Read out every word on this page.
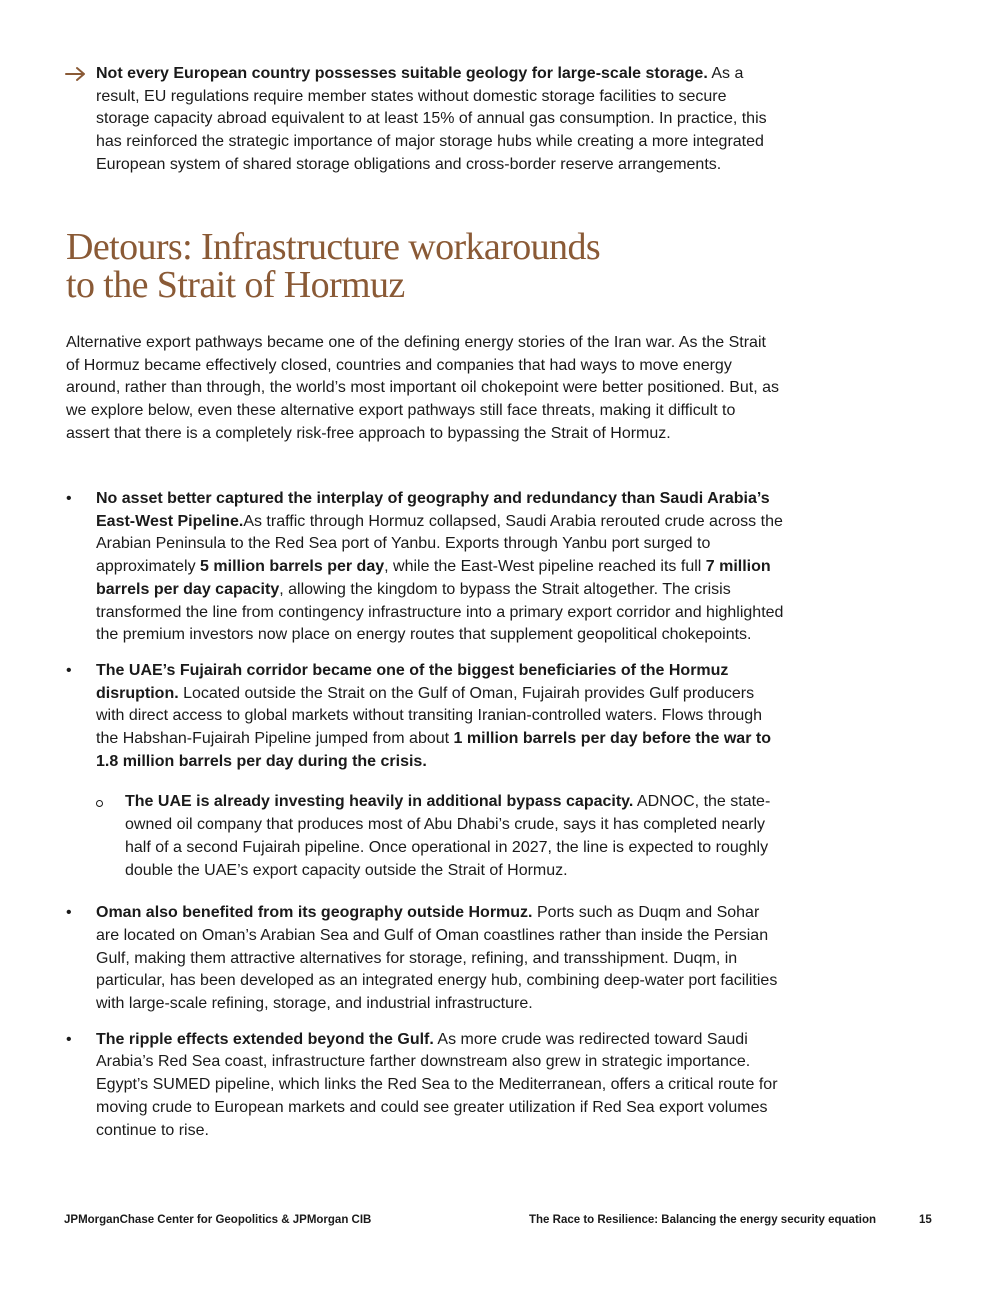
Not every European country possesses suitable geology for large-scale storage. As a result, EU regulations require member states without domestic storage facilities to secure storage capacity abroad equivalent to at least 15% of annual gas consumption. In practice, this has reinforced the strategic importance of major storage hubs while creating a more integrated European system of shared storage obligations and cross-border reserve arrangements.
Detours: Infrastructure workarounds
to the Strait of Hormuz

Alternative export pathways became one of the defining energy stories of the Iran war. As the Strait of Hormuz became effectively closed, countries and companies that had ways to move energy around, rather than through, the world’s most important oil chokepoint were better positioned. But, as we explore below, even these alternative export pathways still face threats, making it difficult to assert that there is a completely risk-free approach to bypassing the Strait of Hormuz.

• No asset better captured the interplay of geography and redundancy than Saudi Arabia’s East-West Pipeline.As traffic through Hormuz collapsed, Saudi Arabia rerouted crude across the Arabian Peninsula to the Red Sea port of Yanbu. Exports through Yanbu port surged to approximately 5 million barrels per day, while the East-West pipeline reached its full 7 million barrels per day capacity, allowing the kingdom to bypass the Strait altogether. The crisis transformed the line from contingency infrastructure into a primary export corridor and highlighted the premium investors now place on energy routes that supplement geopolitical chokepoints.
• The UAE’s Fujairah corridor became one of the biggest beneficiaries of the Hormuz disruption. Located outside the Strait on the Gulf of Oman, Fujairah provides Gulf producers with direct access to global markets without transiting Iranian-controlled waters. Flows through the Habshan-Fujairah Pipeline jumped from about 1 million barrels per day before the war to 1.8 million barrels per day during the crisis.
The UAE is already investing heavily in additional bypass capacity. ADNOC, the state-owned oil company that produces most of Abu Dhabi’s crude, says it has completed nearly half of a second Fujairah pipeline. Once operational in 2027, the line is expected to roughly double the UAE’s export capacity outside the Strait of Hormuz.
• Oman also benefited from its geography outside Hormuz. Ports such as Duqm and Sohar are located on Oman’s Arabian Sea and Gulf of Oman coastlines rather than inside the Persian Gulf, making them attractive alternatives for storage, refining, and transshipment. Duqm, in particular, has been developed as an integrated energy hub, combining deep-water port facilities with large-scale refining, storage, and industrial infrastructure.
• The ripple effects extended beyond the Gulf. As more crude was redirected toward Saudi Arabia’s Red Sea coast, infrastructure farther downstream also grew in strategic importance. Egypt’s SUMED pipeline, which links the Red Sea to the Mediterranean, offers a critical route for moving crude to European markets and could see greater utilization if Red Sea export volumes continue to rise.
JPMorganChase Center for Geopolitics & JPMorgan CIB	The Race to Resilience: Balancing the energy security equation	15
